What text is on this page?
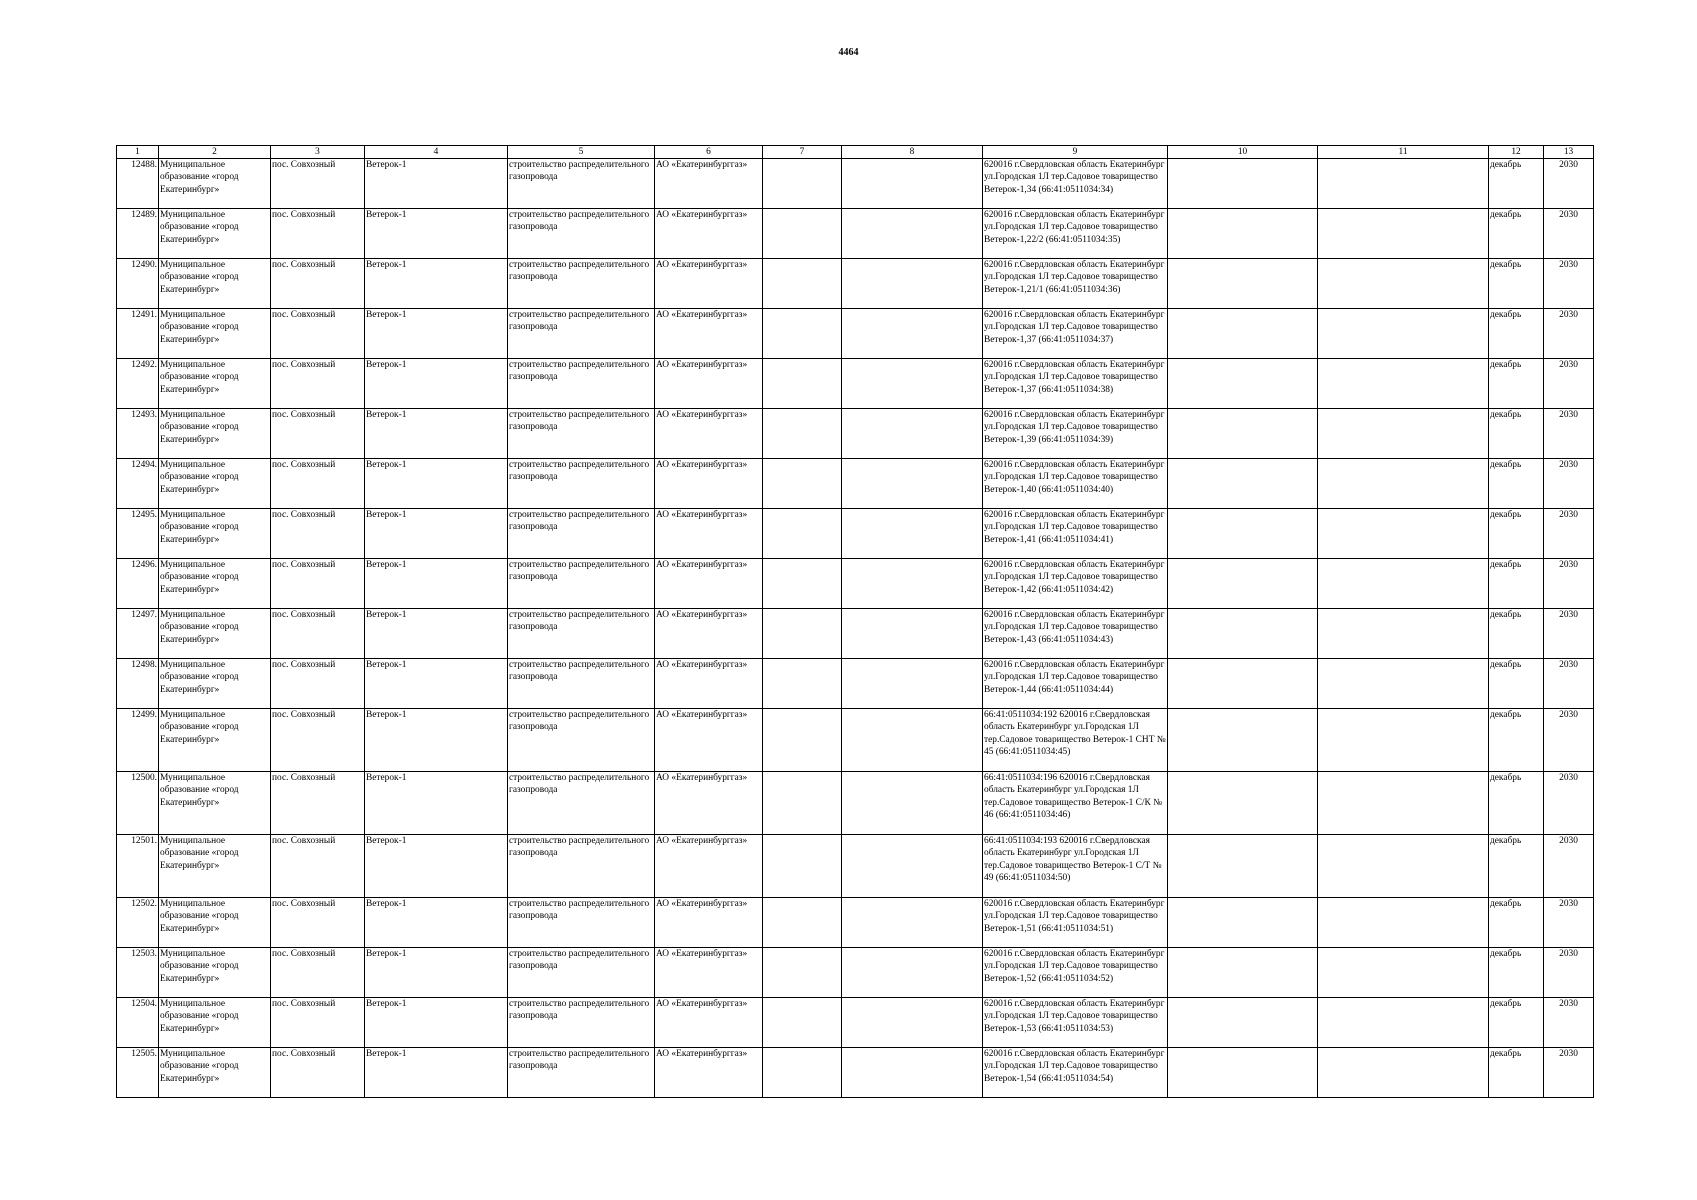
4464
1	2	3	4	5	6	7	8	9	10	11	12	13
12488.	Муниципальное образование «город Екатеринбург»	пос. Совхозный	Ветерок-1	строительство распределительного газопровода	АО «Екатеринбурггаз»			620016 г.Свердловская область Екатеринбург ул.Городская 1Л тер.Садовое товарищество Ветерок-1,34 (66:41:0511034:34)			декабрь	2030
12489.	Муниципальное образование «город Екатеринбург»	пос. Совхозный	Ветерок-1	строительство распределительного газопровода	АО «Екатеринбурггаз»			620016 г.Свердловская область Екатеринбург ул.Городская 1Л тер.Садовое товарищество Ветерок-1,22/2 (66:41:0511034:35)			декабрь	2030
12490.	Муниципальное образование «город Екатеринбург»	пос. Совхозный	Ветерок-1	строительство распределительного газопровода	АО «Екатеринбурггаз»			620016 г.Свердловская область Екатеринбург ул.Городская 1Л тер.Садовое товарищество Ветерок-1,21/1 (66:41:0511034:36)			декабрь	2030
12491.	Муниципальное образование «город Екатеринбург»	пос. Совхозный	Ветерок-1	строительство распределительного газопровода	АО «Екатеринбурггаз»			620016 г.Свердловская область Екатеринбург ул.Городская 1Л тер.Садовое товарищество Ветерок-1,37 (66:41:0511034:37)			декабрь	2030
12492.	Муниципальное образование «город Екатеринбург»	пос. Совхозный	Ветерок-1	строительство распределительного газопровода	АО «Екатеринбурггаз»			620016 г.Свердловская область Екатеринбург ул.Городская 1Л тер.Садовое товарищество Ветерок-1,37 (66:41:0511034:38)			декабрь	2030
12493.	Муниципальное образование «город Екатеринбург»	пос. Совхозный	Ветерок-1	строительство распределительного газопровода	АО «Екатеринбурггаз»			620016 г.Свердловская область Екатеринбург ул.Городская 1Л тер.Садовое товарищество Ветерок-1,39 (66:41:0511034:39)			декабрь	2030
12494.	Муниципальное образование «город Екатеринбург»	пос. Совхозный	Ветерок-1	строительство распределительного газопровода	АО «Екатеринбурггаз»			620016 г.Свердловская область Екатеринбург ул.Городская 1Л тер.Садовое товарищество Ветерок-1,40 (66:41:0511034:40)			декабрь	2030
12495.	Муниципальное образование «город Екатеринбург»	пос. Совхозный	Ветерок-1	строительство распределительного газопровода	АО «Екатеринбурггаз»			620016 г.Свердловская область Екатеринбург ул.Городская 1Л тер.Садовое товарищество Ветерок-1,41 (66:41:0511034:41)			декабрь	2030
12496.	Муниципальное образование «город Екатеринбург»	пос. Совхозный	Ветерок-1	строительство распределительного газопровода	АО «Екатеринбурггаз»			620016 г.Свердловская область Екатеринбург ул.Городская 1Л тер.Садовое товарищество Ветерок-1,42 (66:41:0511034:42)			декабрь	2030
12497.	Муниципальное образование «город Екатеринбург»	пос. Совхозный	Ветерок-1	строительство распределительного газопровода	АО «Екатеринбурггаз»			620016 г.Свердловская область Екатеринбург ул.Городская 1Л тер.Садовое товарищество Ветерок-1,43 (66:41:0511034:43)			декабрь	2030
12498.	Муниципальное образование «город Екатеринбург»	пос. Совхозный	Ветерок-1	строительство распределительного газопровода	АО «Екатеринбурггаз»			620016 г.Свердловская область Екатеринбург ул.Городская 1Л тер.Садовое товарищество Ветерок-1,44 (66:41:0511034:44)			декабрь	2030
12499.	Муниципальное образование «город Екатеринбург»	пос. Совхозный	Ветерок-1	строительство распределительного газопровода	АО «Екатеринбурггаз»			66:41:0511034:192 620016 г.Свердловская область Екатеринбург ул.Городская 1Л тер.Садовое товарищество Ветерок-1 СНТ № 45 (66:41:0511034:45)			декабрь	2030
12500.	Муниципальное образование «город Екатеринбург»	пос. Совхозный	Ветерок-1	строительство распределительного газопровода	АО «Екатеринбурггаз»			66:41:0511034:196 620016 г.Свердловская область Екатеринбург ул.Городская 1Л тер.Садовое товарищество Ветерок-1 С/К № 46 (66:41:0511034:46)			декабрь	2030
12501.	Муниципальное образование «город Екатеринбург»	пос. Совхозный	Ветерок-1	строительство распределительного газопровода	АО «Екатеринбурггаз»			66:41:0511034:193 620016 г.Свердловская область Екатеринбург ул.Городская 1Л тер.Садовое товарищество Ветерок-1 С/Т № 49 (66:41:0511034:50)			декабрь	2030
12502.	Муниципальное образование «город Екатеринбург»	пос. Совхозный	Ветерок-1	строительство распределительного газопровода	АО «Екатеринбурггаз»			620016 г.Свердловская область Екатеринбург ул.Городская 1Л тер.Садовое товарищество Ветерок-1,51 (66:41:0511034:51)			декабрь	2030
12503.	Муниципальное образование «город Екатеринбург»	пос. Совхозный	Ветерок-1	строительство распределительного газопровода	АО «Екатеринбурггаз»			620016 г.Свердловская область Екатеринбург ул.Городская 1Л тер.Садовое товарищество Ветерок-1,52 (66:41:0511034:52)			декабрь	2030
12504.	Муниципальное образование «город Екатеринбург»	пос. Совхозный	Ветерок-1	строительство распределительного газопровода	АО «Екатеринбурггаз»			620016 г.Свердловская область Екатеринбург ул.Городская 1Л тер.Садовое товарищество Ветерок-1,53 (66:41:0511034:53)			декабрь	2030
12505.	Муниципальное образование «город Екатеринбург»	пос. Совхозный	Ветерок-1	строительство распределительного газопровода	АО «Екатеринбурггаз»			620016 г.Свердловская область Екатеринбург ул.Городская 1Л тер.Садовое товарищество Ветерок-1,54 (66:41:0511034:54)			декабрь	2030
